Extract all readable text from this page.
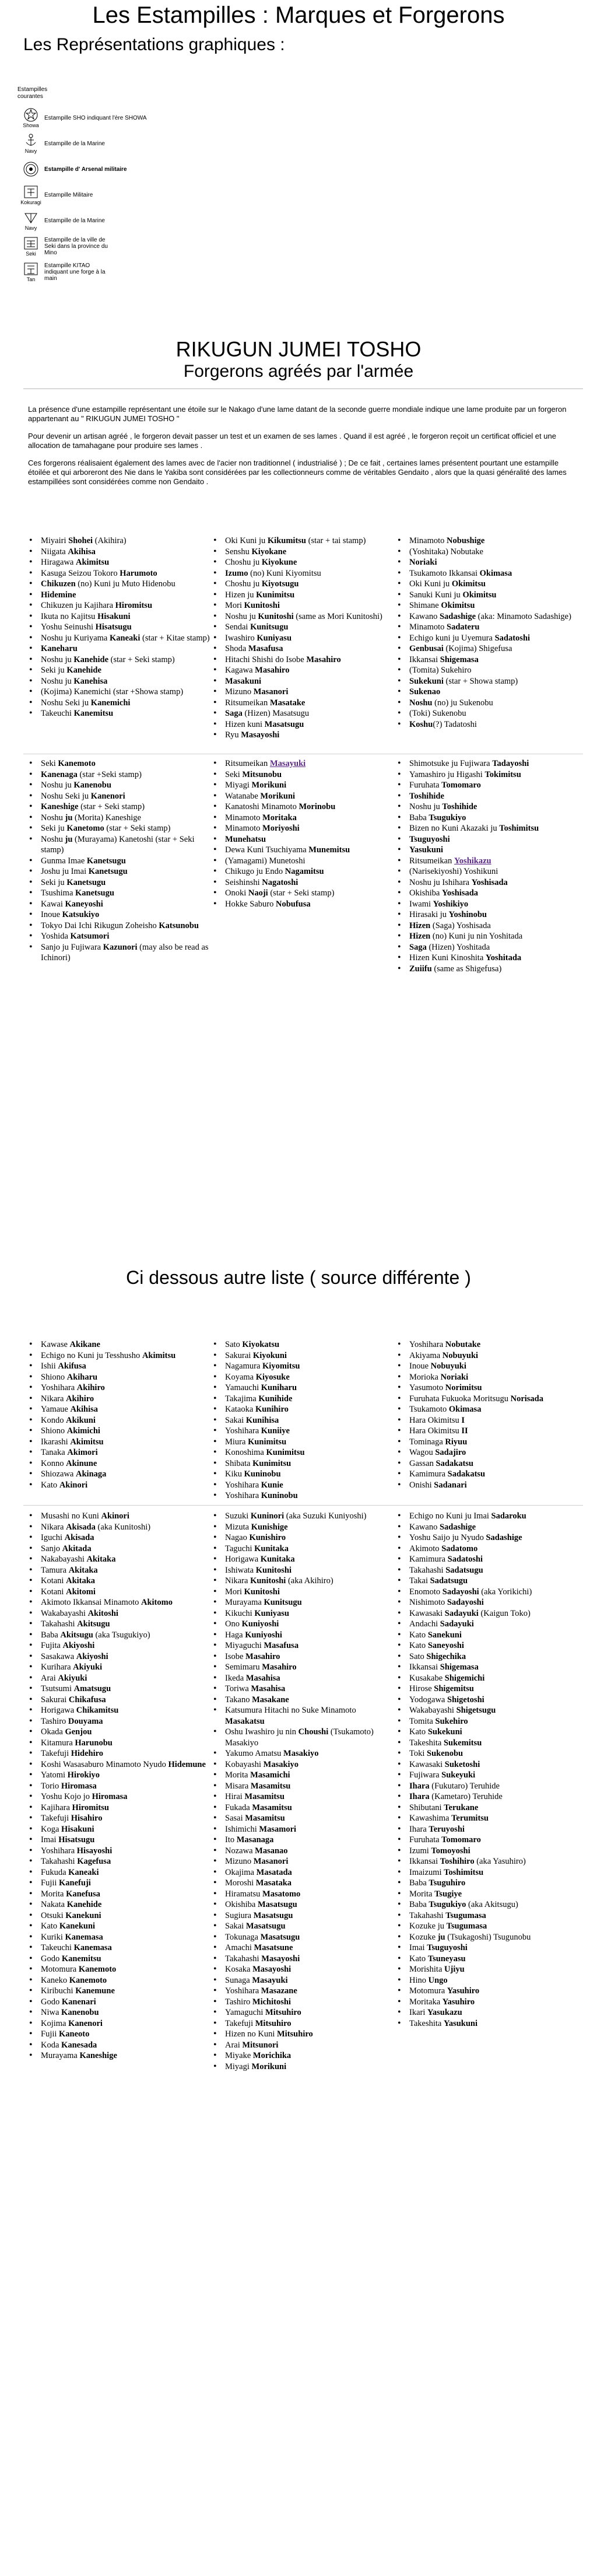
Les Estampilles : Marques et Forgerons
Les Représentations graphiques :
Estampilles courantes
Showa
Estampille SHO indiquant l'ère SHOWA
Navy
Estampille de la Marine
Estampille d' Arsenal militaire
Kokuragi
Estampille Militaire
Navy
Estampille de la Marine
Seki
Estampille de la ville de Seki dans la province du Mino
Tan
Estampille KITAO indiquant une forge à la main
RIKUGUN JUMEI TOSHO
Forgerons agréés par l'armée

La présence d'une estampille représentant une étoile sur le Nakago d'une lame datant de la seconde guerre mondiale indique une lame produite par un forgeron appartenant au " RIKUGUN JUMEI TOSHO "

Pour devenir un artisan agréé , le forgeron devait passer un test et un examen de ses lames . Quand il est agréé , le forgeron reçoit un certificat officiel et une allocation de tamahagane pour produire ses lames .

Ces forgerons réalisaient également des lames avec de l'acier non traditionnel ( industrialisé ) ; De ce fait , certaines lames présentent pourtant une estampille étoilée et qui arboreront des Nie dans le Yakiba sont considérées par les collectionneurs comme de véritables Gendaito , alors que la quasi généralité des lames estampillées sont considérées comme non Gendaito .

• Miyairi Shohei (Akihira)
• Niigata Akihisa
• Hiragawa Akimitsu
• Kasuga Seizou Tokoro Harumoto
• Chikuzen (no) Kuni ju Muto Hidenobu
• Hidemine
• Chikuzen ju Kajihara Hiromitsu
• Ikuta no Kajitsu Hisakuni
• Yoshu Seinushi Hisatsugu
• Noshu ju Kuriyama Kaneaki (star + Kitae stamp)
• Kaneharu
• Noshu ju Kanehide (star + Seki stamp)
• Seki ju Kanehide
• Noshu ju Kanehisa
• (Kojima) Kanemichi (star +Showa stamp)
• Noshu Seki ju Kanemichi
• Takeuchi Kanemitsu
• Oki Kuni ju Kikumitsu (star + tai stamp)
• Senshu Kiyokane
• Choshu ju Kiyokune
• Izumo (no) Kuni Kiyomitsu
• Choshu ju Kiyotsugu
• Hizen ju Kunimitsu
• Mori Kunitoshi
• Noshu ju Kunitoshi (same as Mori Kunitoshi)
• Sendai Kunitsugu
• Iwashiro Kuniyasu
• Shoda Masafusa
• Hitachi Shishi do Isobe Masahiro
• Kagawa Masahiro
• Masakuni
• Mizuno Masanori
• Ritsumeikan Masatake
• Saga (Hizen) Masatsugu
• Hizen kuni Masatsugu
• Ryu Masayoshi
• Minamoto Nobushige
• (Yoshitaka) Nobutake
• Noriaki
• Tsukamoto Ikkansai Okimasa
• Oki Kuni ju Okimitsu
• Sanuki Kuni ju Okimitsu
• Shimane Okimitsu
• Kawano Sadashige (aka: Minamoto Sadashige)
• Minamoto Sadateru
• Echigo kuni ju Uyemura Sadatoshi
• Genbusai (Kojima) Shigefusa
• Ikkansai Shigemasa
• (Tomita) Sukehiro
• Sukekuni (star + Showa stamp)
• Sukenao
• Noshu (no) ju Sukenobu
• (Toki) Sukenobu
• Koshu(?) Tadatoshi
• Seki Kanemoto
• Kanenaga (star +Seki stamp)
• Noshu ju Kanenobu
• Noshu Seki ju Kanenori
• Kaneshige (star + Seki stamp)
• Noshu ju (Morita) Kaneshige
• Seki ju Kanetomo (star + Seki stamp)
• Noshu ju (Murayama) Kanetoshi (star + Seki stamp)
• Gunma Imae Kanetsugu
• Joshu ju Imai Kanetsugu
• Seki ju Kanetsugu
• Tsushima Kanetsugu
• Kawai Kaneyoshi
• Inoue Katsukiyo
• Tokyo Dai Ichi Rikugun Zoheisho Katsunobu
• Yoshida Katsumori
• Sanjo ju Fujiwara Kazunori (may also be read as Ichinori)
• Ritsumeikan Masayuki
• Seki Mitsunobu
• Miyagi Morikuni
• Watanabe Morikuni
• Kanatoshi Minamoto Morinobu
• Minamoto Moritaka
• Minamoto Moriyoshi
• Munehatsu
• Dewa Kuni Tsuchiyama Munemitsu
• (Yamagami) Munetoshi
• Chikugo ju Endo Nagamitsu
• Seishinshi Nagatoshi
• Onoki Naoji (star + Seki stamp)
• Hokke Saburo Nobufusa
• Shimotsuke ju Fujiwara Tadayoshi
• Yamashiro ju Higashi Tokimitsu
• Furuhata Tomomaro
• Toshihide
• Noshu ju Toshihide
• Baba Tsugukiyo
• Bizen no Kuni Akazaki ju Toshimitsu
• Tsuguyoshi
• Yasukuni
• Ritsumeikan Yoshikazu
• (Narisekiyoshi) Yoshikuni
• Noshu ju Ishihara Yoshisada
• Okishiba Yoshisada
• Iwami Yoshikiyo
• Hirasaki ju Yoshinobu
• Hizen (Saga) Yoshisada
• Hizen (no) Kuni ju nin Yoshitada
• Saga (Hizen) Yoshitada
• Hizen Kuni Kinoshita Yoshitada
• Zuiifu (same as Shigefusa)
Ci dessous autre liste ( source différente )
• Kawase Akikane
• Echigo no Kuni ju Tesshusho Akimitsu
• Ishii Akifusa
• Shiono Akiharu
• Yoshihara Akihiro
• Nikara Akihiro
• Yamaue Akihisa
• Kondo Akikuni
• Shiono Akimichi
• Ikarashi Akimitsu
• Tanaka Akimori
• Konno Akinune
• Shiozawa Akinaga
• Kato Akinori
• Sato Kiyokatsu
• Sakurai Kiyokuni
• Nagamura Kiyomitsu
• Koyama Kiyosuke
• Yamauchi Kuniharu
• Takajima Kunihide
• Kataoka Kunihiro
• Sakai Kunihisa
• Yoshihara Kuniiye
• Miura Kunimitsu
• Konoshima Kunimitsu
• Shibata Kunimitsu
• Kiku Kuninobu
• Yoshihara Kunie
• Yoshihara Kuninobu
• Yoshihara Nobutake
• Akiyama Nobuyuki
• Inoue Nobuyuki
• Morioka Noriaki
• Yasumoto Norimitsu
• Furuhata Fukuoka Moritsugu Norisada
• Tsukamoto Okimasa
• Hara Okimitsu I
• Hara Okimitsu II
• Tominaga Riyuu
• Wagou Sadajiro
• Gassan Sadakatsu
• Kamimura Sadakatsu
• Onishi Sadanari
• Musashi no Kuni Akinori
• Nikara Akisada (aka Kunitoshi)
• Iguchi Akisada
• Sanjo Akitada
• Nakabayashi Akitaka
• Tamura Akitaka
• Kotani Akitaka
• Kotani Akitomi
• Akimoto Ikkansai Minamoto Akitomo
• Wakabayashi Akitoshi
• Takahashi Akitsugu
• Baba Akitsugu (aka Tsugukiyo)
• Fujita Akiyoshi
• Sasakawa Akiyoshi
• Kurihara Akiyuki
• Arai Akiyuki
• Tsutsumi Amatsugu
• Sakurai Chikafusa
• Horigawa Chikamitsu
• Tashiro Douyama
• Okada Genjou
• Kitamura Harunobu
• Takefuji Hidehiro
• Koshi Wasasaburo Minamoto Nyudo Hidemune
• Yatomi Hirokiyo
• Torio Hiromasa
• Yoshu Kojo jo Hiromasa
• Kajihara Hiromitsu
• Takefuji Hisahiro
• Koga Hisakuni
• Imai Hisatsugu
• Yoshihara Hisayoshi
• Takahashi Kagefusa
• Fukuda Kaneaki
• Fujii Kanefuji
• Morita Kanefusa
• Nakata Kanehide
• Otsuki Kanekuni
• Kato Kanekuni
• Kuriki Kanemasa
• Takeuchi Kanemasa
• Godo Kanemitsu
• Motomura Kanemoto
• Kaneko Kanemoto
• Kiribuchi Kanemune
• Godo Kanenari
• Niwa Kanenobu
• Kojima Kanenori
• Fujii Kaneoto
• Koda Kanesada
• Murayama Kaneshige
• Suzuki Kuninori (aka Suzuki Kuniyoshi)
• Mizuta Kunishige
• Nagao Kunishiro
• Taguchi Kunitaka
• Horigawa Kunitaka
• Ishiwata Kunitoshi
• Nikara Kunitoshi (aka Akihiro)
• Mori Kunitoshi
• Murayama Kunitsugu
• Kikuchi Kuniyasu
• Ono Kuniyoshi
• Haga Kuniyoshi
• Miyaguchi Masafusa
• Isobe Masahiro
• Semimaru Masahiro
• Ikeda Masahisa
• Toriwa Masahisa
• Takano Masakane
• Katsumura Hitachi no Suke Minamoto Masakatsu
• Oshu Iwashiro ju nin Choushi (Tsukamoto) Masakiyo
• Yakumo Amatsu Masakiyo
• Kobayashi Masakiyo
• Morita Masamichi
• Misara Masamitsu
• Hirai Masamitsu
• Fukada Masamitsu
• Sasai Masamitsu
• Ishimichi Masamori
• Ito Masanaga
• Nozawa Masanao
• Mizuno Masanori
• Okajima Masatada
• Moroshi Masataka
• Hiramatsu Masatomo
• Okishiba Masatsugu
• Sugiura Masatsugu
• Sakai Masatsugu
• Tokunaga Masatsugu
• Amachi Masatsune
• Takahashi Masayoshi
• Kosaka Masayoshi
• Sunaga Masayuki
• Yoshihara Masazane
• Tashiro Michitoshi
• Yamaguchi Mitsuhiro
• Takefuji Mitsuhiro
• Hizen no Kuni Mitsuhiro
• Arai Mitsunori
• Miyake Morichika
• Miyagi Morikuni
• Echigo no Kuni ju Imai Sadaroku
• Kawano Sadashige
• Yoshu Saijo ju Nyudo Sadashige
• Akimoto Sadatomo
• Kamimura Sadatoshi
• Takahashi Sadatsugu
• Takai Sadatsugu
• Enomoto Sadayoshi (aka Yorikichi)
• Nishimoto Sadayoshi
• Kawasaki Sadayuki (Kaigun Toko)
• Andachi Sadayuki
• Kato Sanekuni
• Kato Saneyoshi
• Sato Shigechika
• Ikkansai Shigemasa
• Kusakabe Shigemichi
• Hirose Shigemitsu
• Yodogawa Shigetoshi
• Wakabayashi Shigetsugu
• Tomita Sukehiro
• Kato Sukekuni
• Takeshita Sukemitsu
• Toki Sukenobu
• Kawasaki Suketoshi
• Fujiwara Sukeyuki
• Ihara (Fukutaro) Teruhide
• Ihara (Kametaro) Teruhide
• Shibutani Terukane
• Kawashima Terumitsu
• Ihara Teruyoshi
• Furuhata Tomomaro
• Izumi Tomoyoshi
• Ikkansai Toshihiro (aka Yasuhiro)
• Imaizumi Toshimitsu
• Baba Tsuguhiro
• Morita Tsugiye
• Baba Tsugukiyo (aka Akitsugu)
• Takahashi Tsugumasa
• Kozuke ju Tsugumasa
• Kozuke ju (Tsukagoshi) Tsugunobu
• Imai Tsuguyoshi
• Kato Tsuneyasu
• Morishita Ujiyu
• Hino Ungo
• Motomura Yasuhiro
• Moritaka Yasuhiro
• Ikari Yasukazu
• Takeshita Yasukuni
